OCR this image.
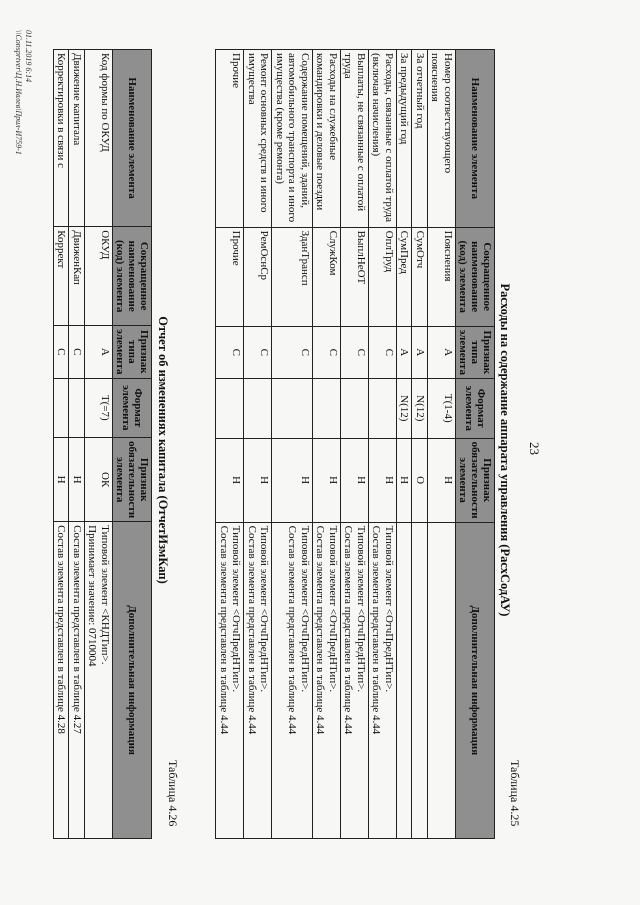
23
Таблица 4.25
Расходы на содержание аппарата управления (РасхСодАУ)
Наименование элемента	Сокращенное наименование (код) элемента	Признак типа элемента	Формат элемента	Признак обязательности элемента	Дополнительная информация
Номер соответствующего пояснения	Пояснения	А	Т(1-4)	Н	
За отчетный год	СумОтч	А	N(12)	О	
За предыдущий год	СумПред	А	N(12)	Н	
Расходы, связанные с оплатой труда (включая начисления)	ОплТруд	С		Н	Типовой элемент <ОтчПредНТип>.
Состав элемента представлен в таблице 4.44
Выплаты, не связанные с оплатой труда	ВыплНеОТ	С		Н	Типовой элемент <ОтчПредНТип>.
Состав элемента представлен в таблице 4.44
Расходы на служебные командировки и деловые поездки	СлужКом	С		Н	Типовой элемент <ОтчПредНТип>.
Состав элемента представлен в таблице 4.44
Содержание помещений, зданий, автомобильного транспорта и иного имущества (кроме ремонта)	ЗданТрансп	С		Н	Типовой элемент <ОтчПредНТип>.
Состав элемента представлен в таблице 4.44
Ремонт основных средств и иного имущества	РемОснСр	С		Н	Типовой элемент <ОтчПредНТип>.
Состав элемента представлен в таблице 4.44
Прочие	Прочие	С		Н	Типовой элемент <ОтчПредНТип>.
Состав элемента представлен в таблице 4.44
Таблица 4.26
Отчет об изменениях капитала (ОтчетИзмКап)
Наименование элемента	Сокращенное наименование (код) элемента	Признак типа элемента	Формат элемента	Признак обязательности элемента	Дополнительная информация
Код формы по ОКУД	ОКУД	А	Т(=7)	ОК	Типовой элемент <КНДТип>.
Принимает значение: 0710004
Движение капитала	ДвиженКап	С		Н	Состав элемента представлен в таблице 4.27
Корректировки в связи с	Коррект	С		Н	Состав элемента представлен в таблице 4.28
01.11.2019 6:14
\\Consprtver\Ц.Н.Ивлев\Прил-И759-1
